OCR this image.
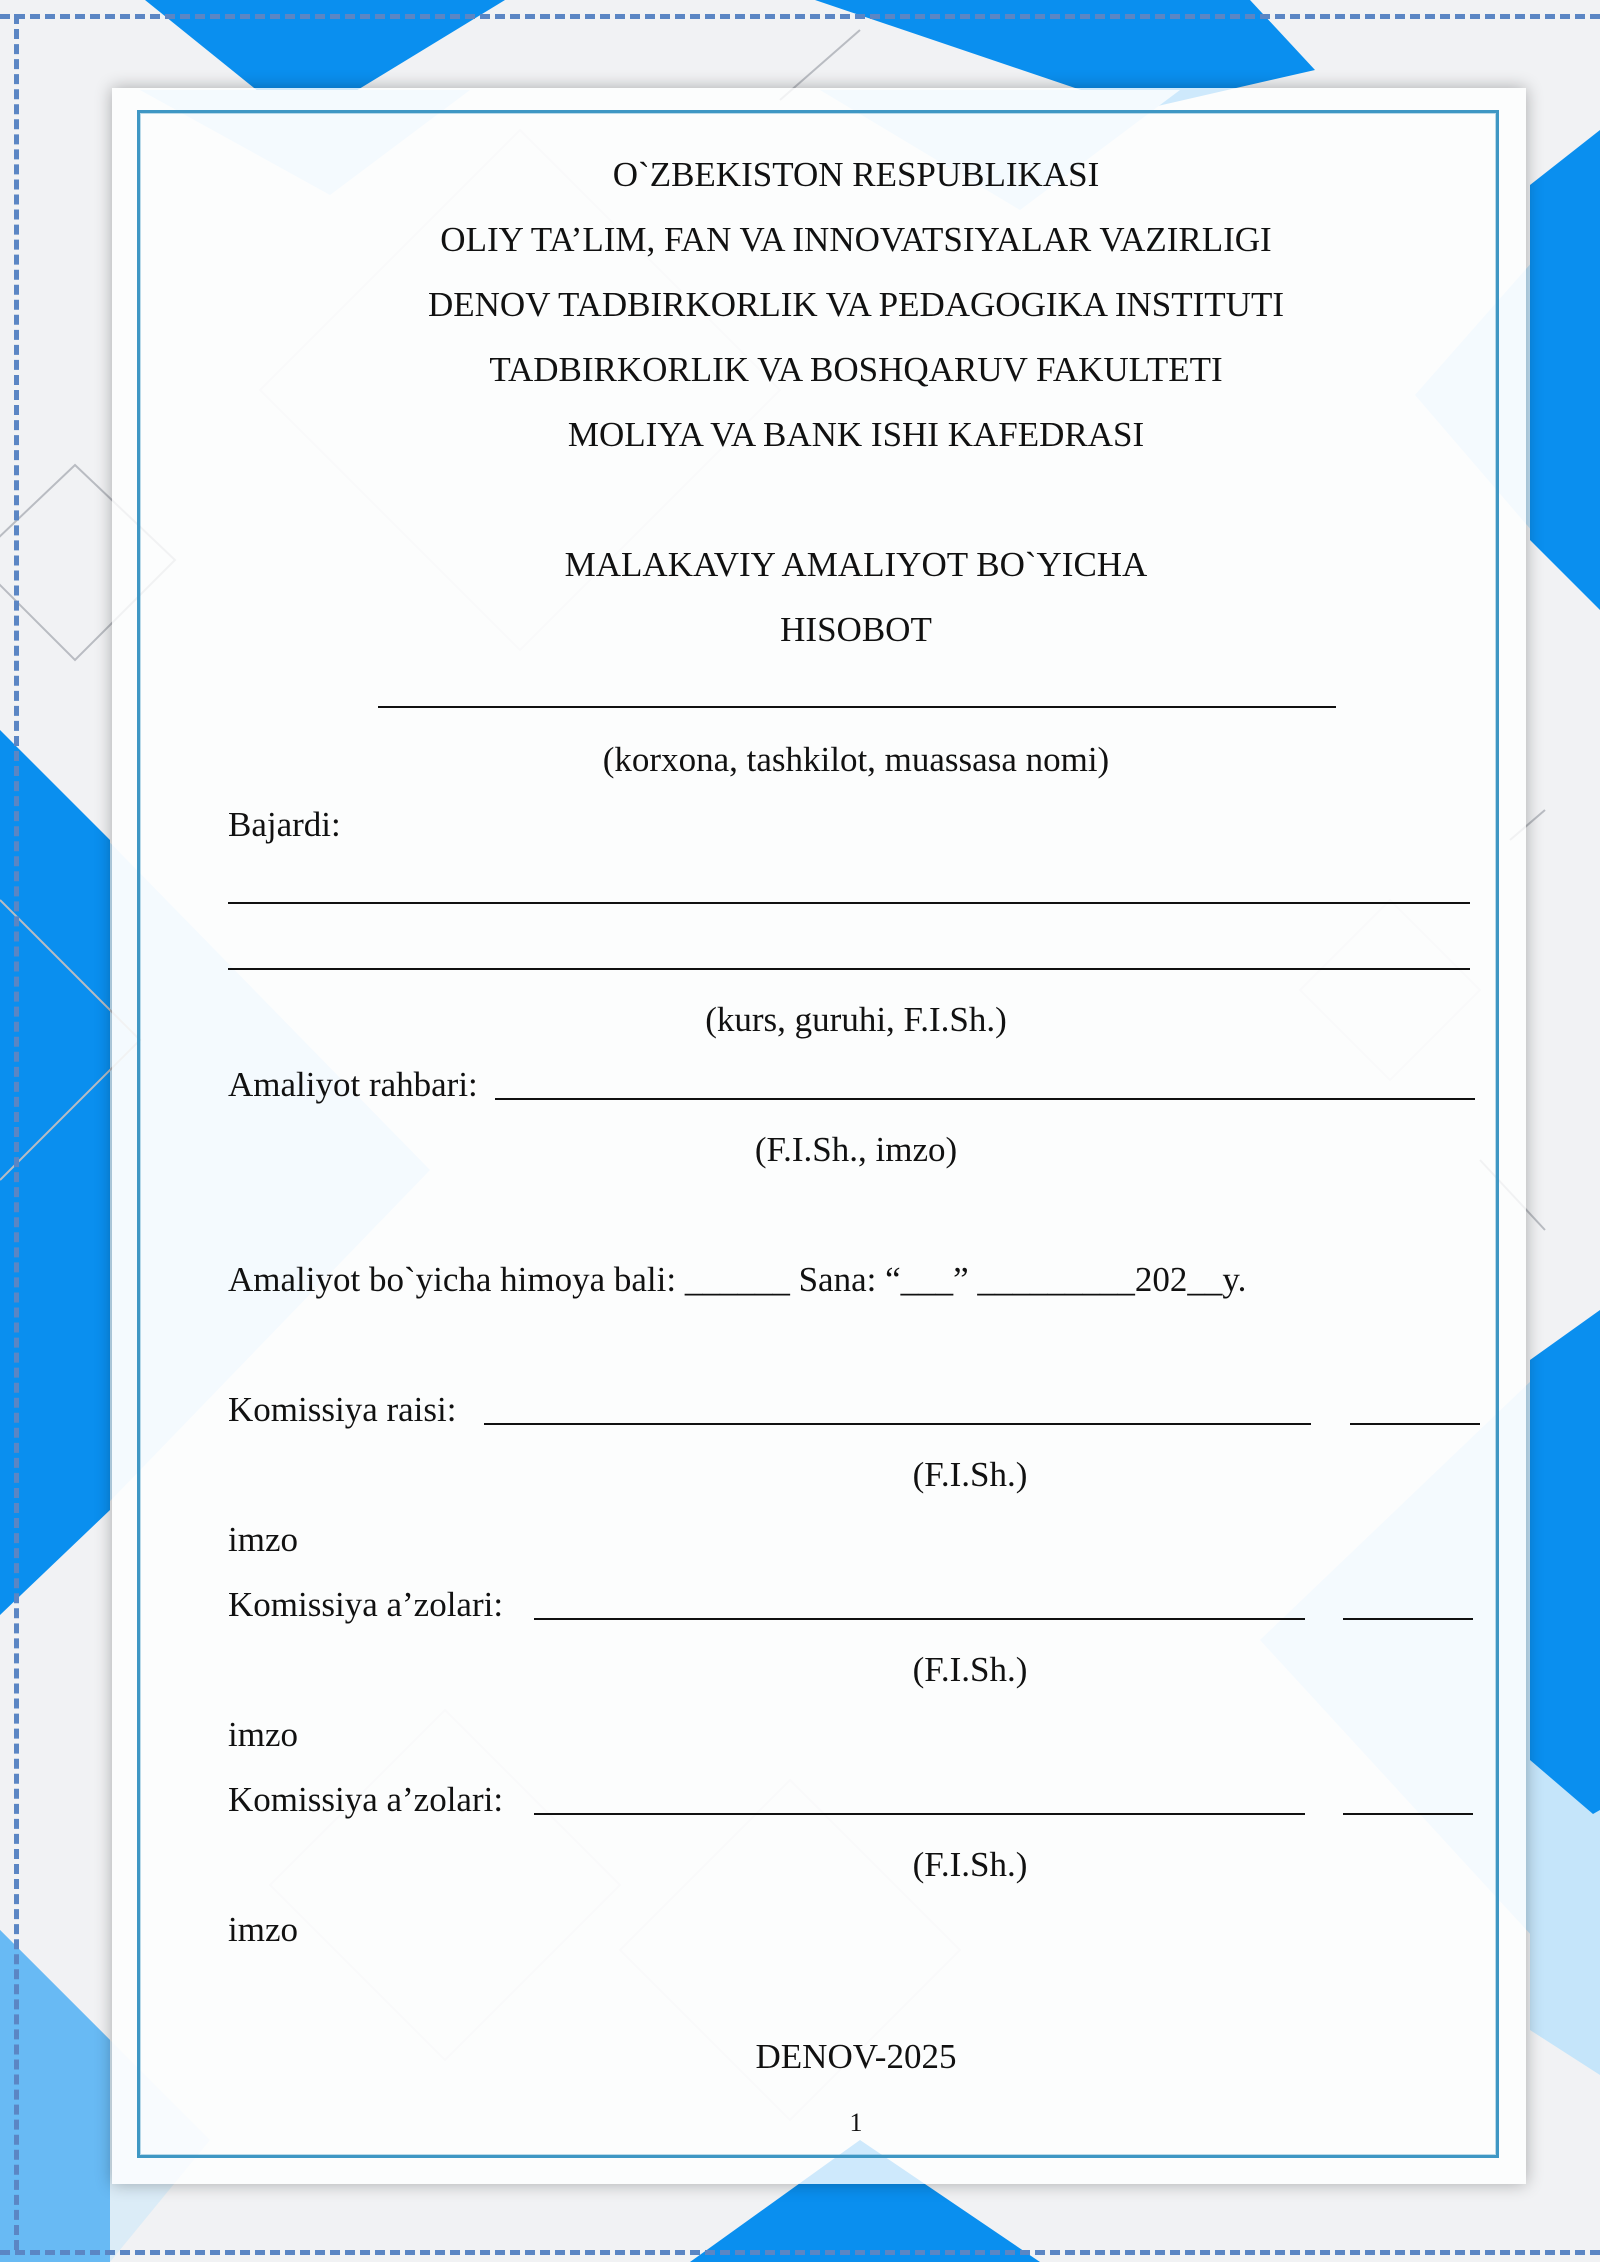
O`ZBEKISTON RESPUBLIKASI
OLIY TA’LIM, FAN VA INNOVATSIYALAR VAZIRLIGI
DENOV TADBIRKORLIK VA PEDAGOGIKA INSTITUTI
TADBIRKORLIK VA BOSHQARUV FAKULTETI
MOLIYA VA BANK ISHI KAFEDRASI
MALAKAVIY AMALIYOT BO`YICHA
HISOBOT
(korxona, tashkilot, muassasa nomi)
Bajardi:
(kurs, guruhi, F.I.Sh.)
Amaliyot rahbari:
(F.I.Sh., imzo)
Amaliyot bo`yicha himoya bali: ______ Sana: “___” _________202__y.
Komissiya raisi:
(F.I.Sh.)
imzo
Komissiya a’zolari:
(F.I.Sh.)
imzo
Komissiya a’zolari:
(F.I.Sh.)
imzo
DENOV-2025
1
